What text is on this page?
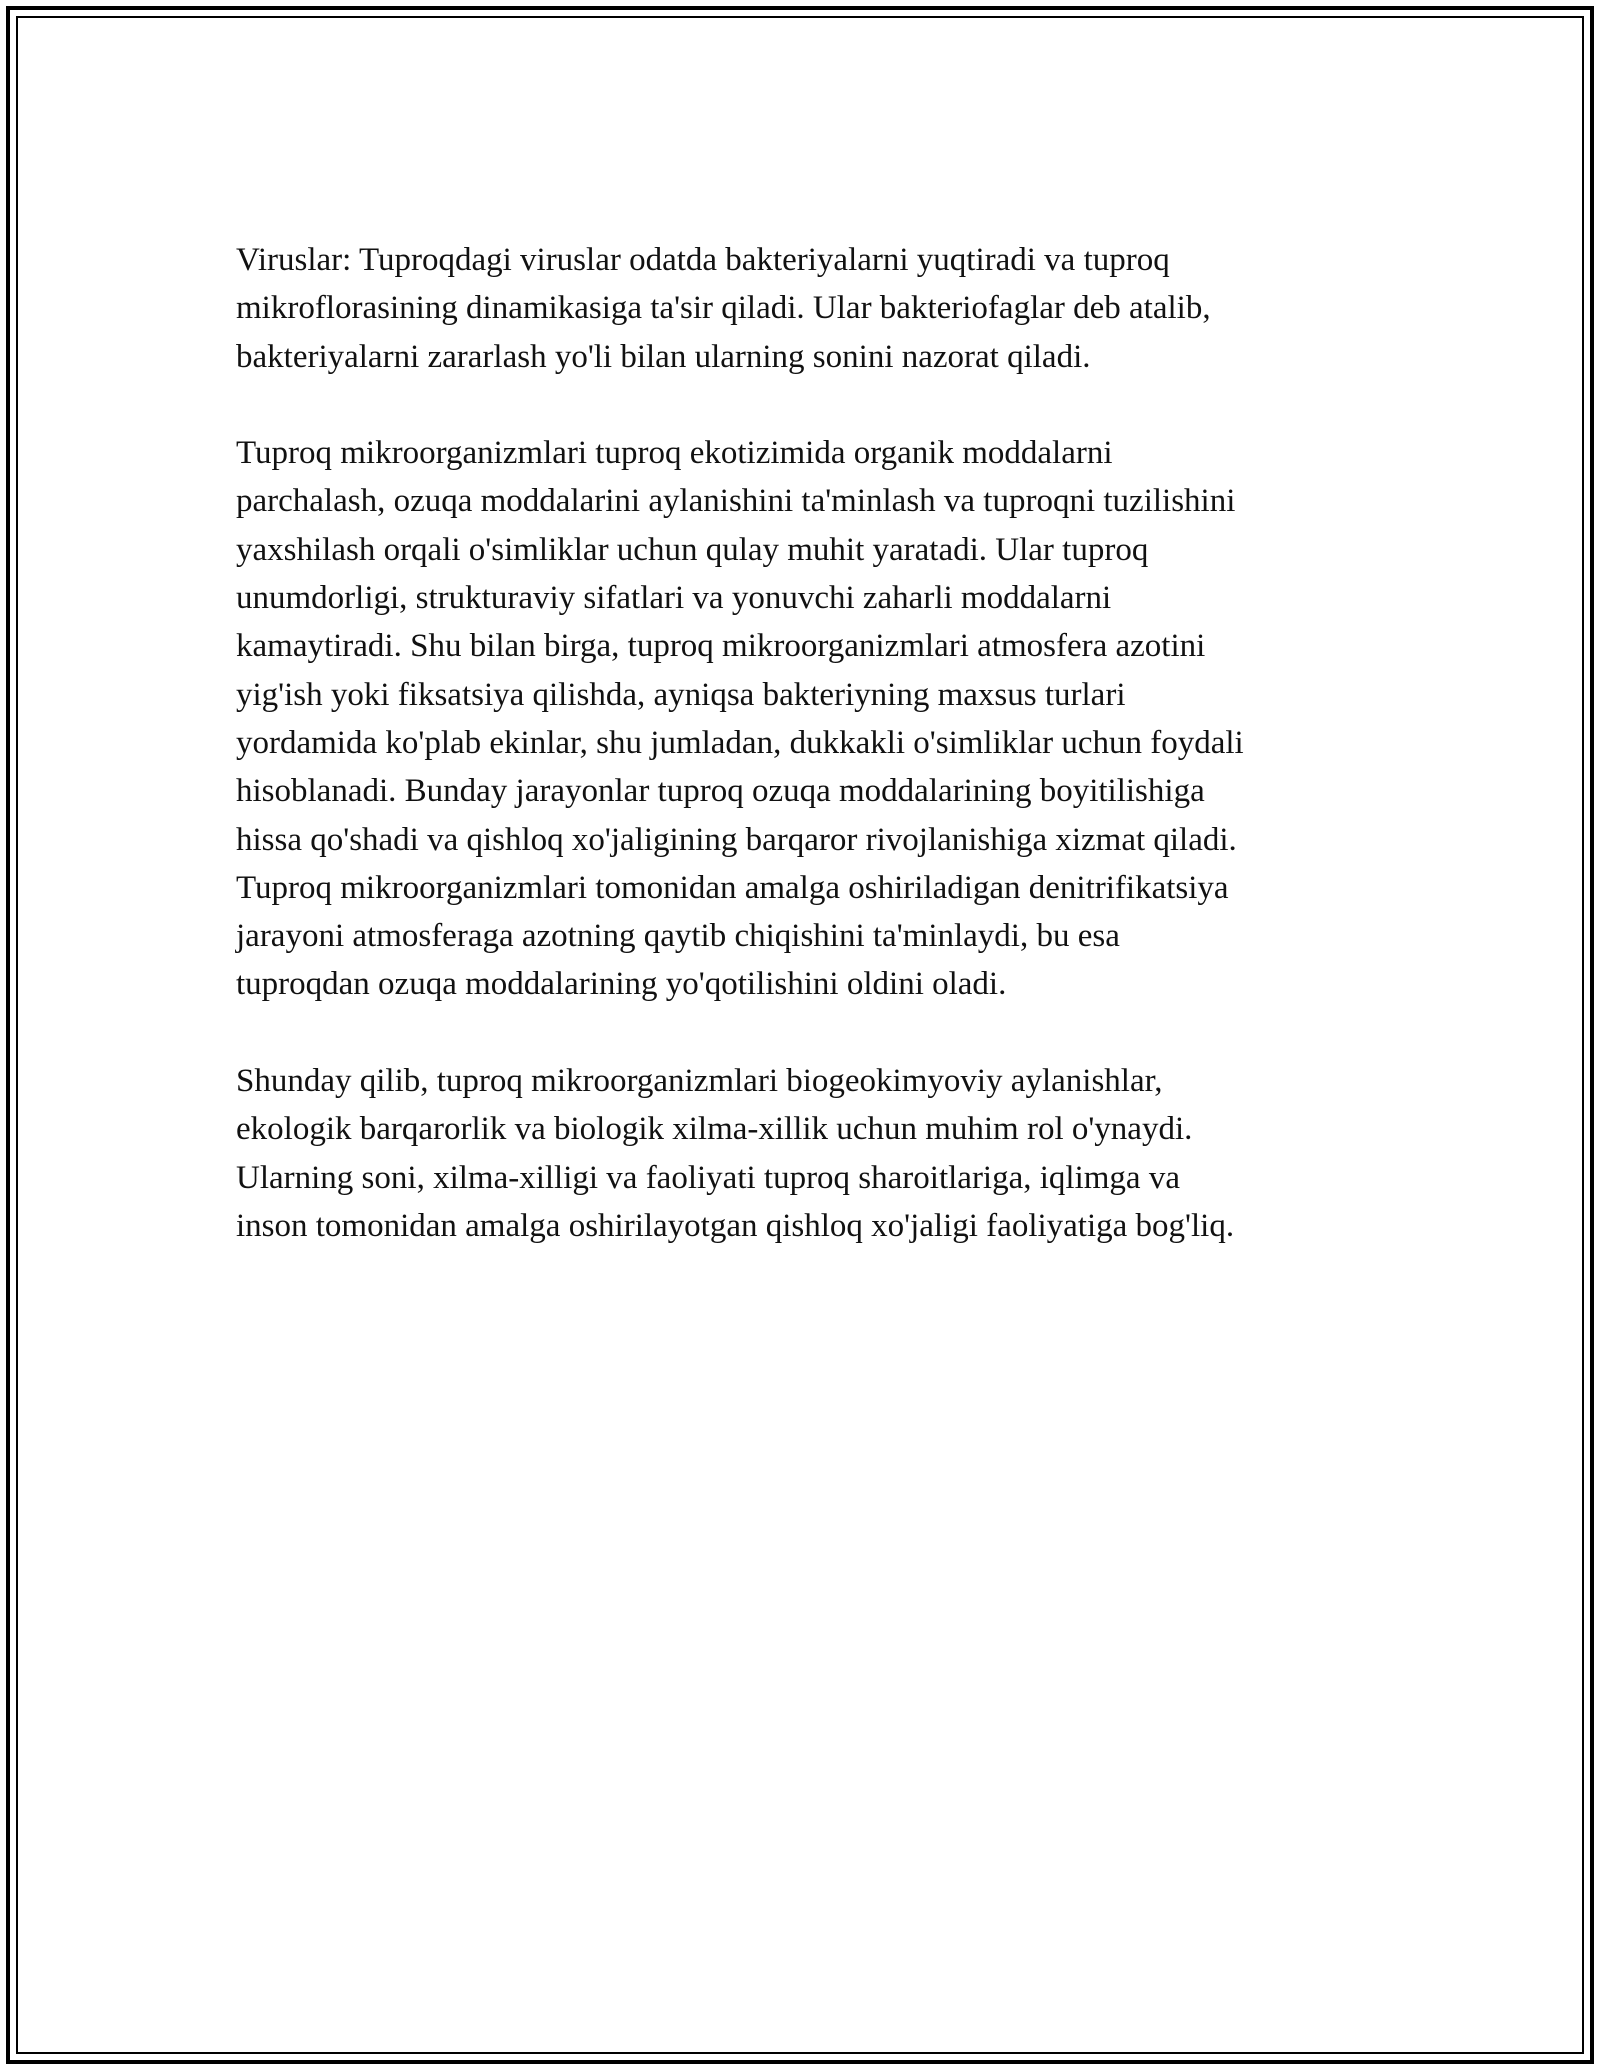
Viruslar: Tuproqdagi viruslar odatda bakteriyalarni yuqtiradi va tuproq
mikroflorasining dinamikasiga ta'sir qiladi. Ular bakteriofaglar deb atalib,
bakteriyalarni zararlash yo'li bilan ularning sonini nazorat qiladi.

Tuproq mikroorganizmlari tuproq ekotizimida organik moddalarni
parchalash, ozuqa moddalarini aylanishini ta'minlash va tuproqni tuzilishini
yaxshilash orqali o'simliklar uchun qulay muhit yaratadi. Ular tuproq
unumdorligi, strukturaviy sifatlari va yonuvchi zaharli moddalarni
kamaytiradi. Shu bilan birga, tuproq mikroorganizmlari atmosfera azotini
yig'ish yoki fiksatsiya qilishda, ayniqsa bakteriyning maxsus turlari
yordamida ko'plab ekinlar, shu jumladan, dukkakli o'simliklar uchun foydali
hisoblanadi. Bunday jarayonlar tuproq ozuqa moddalarining boyitilishiga
hissa qo'shadi va qishloq xo'jaligining barqaror rivojlanishiga xizmat qiladi.
Tuproq mikroorganizmlari tomonidan amalga oshiriladigan denitrifikatsiya
jarayoni atmosferaga azotning qaytib chiqishini ta'minlaydi, bu esa
tuproqdan ozuqa moddalarining yo'qotilishini oldini oladi.

Shunday qilib, tuproq mikroorganizmlari biogeokimyoviy aylanishlar,
ekologik barqarorlik va biologik xilma-xillik uchun muhim rol o'ynaydi.
Ularning soni, xilma-xilligi va faoliyati tuproq sharoitlariga, iqlimga va
inson tomonidan amalga oshirilayotgan qishloq xo'jaligi faoliyatiga bog'liq.
